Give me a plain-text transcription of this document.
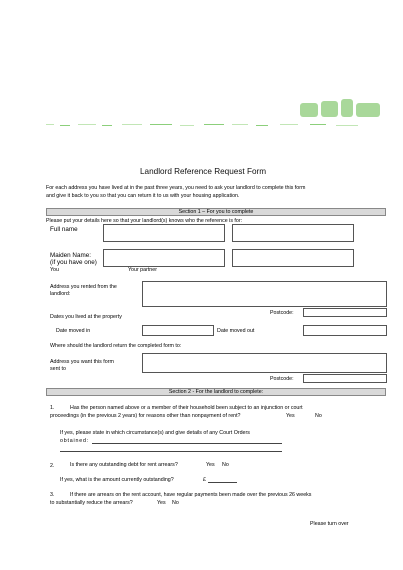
Landlord Reference Request Form
For each address you have lived at in the past three years, you need to ask your landlord to complete this form
and give it back to you so that you can return it to us with your housing application.
Section 1 – For you to complete
Please put your details here so that your landlord(s) knows who the reference is for:
Full name
Maiden Name:
(if you have one)
You	Your partner
Address you rented from the
landlord:
Postcode:
Dates you lived at the property
Date moved in	Date moved out
Where should the landlord return the completed form to:
Address you want this form
sent to
Postcode:
Section 2 - For the landlord to complete:
1.	Has the person named above or a member of their household been subject to an injunction or court
proceedings (in the previous 2 years) for reasons other than nonpayment of rent?	Yes	No
If yes, please state in which circumstance(s) and give details of any Court Orders
obtained:
2.	Is there any outstanding debt for rent arrears?	Yes No
If yes, what is the amount currently outstanding?	£
3.	If there are arrears on the rent account, have regular payments been made over the previous 26 weeks
to substantially reduce the arrears?	Yes No
Please turn over
